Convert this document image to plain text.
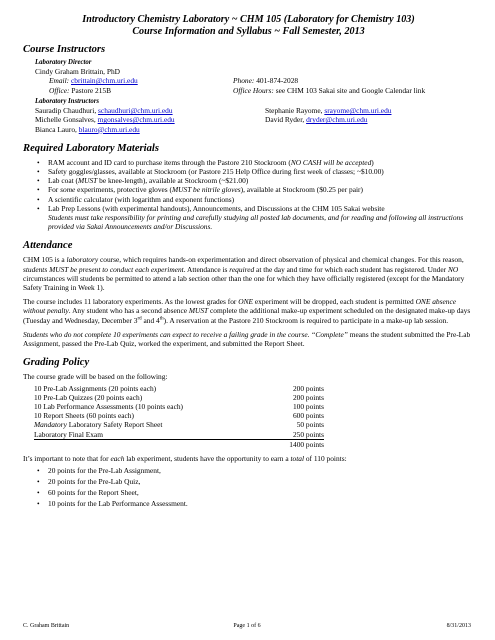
Introductory Chemistry Laboratory ~ CHM 105 (Laboratory for Chemistry 103)
Course Information and Syllabus ~ Fall Semester, 2013
Course Instructors
Laboratory Director
Cindy Graham Brittain, PhD
Email: cbrittain@chm.uri.edu	Phone: 401-874-2028
Office: Pastore 215B	Office Hours: see CHM 103 Sakai site and Google Calendar link
Laboratory Instructors
Sauradip Chaudhuri, schaudhuri@chm.uri.edu	Stephanie Rayome, srayome@chm.uri.edu
Michelle Gonsalves, mgonsalves@chm.uri.edu	David Ryder, dryder@chm.uri.edu
Bianca Lauro, blauro@chm.uri.edu
Required Laboratory Materials
• RAM account and ID card to purchase items through the Pastore 210 Stockroom (NO CASH will be accepted)
• Safety goggles/glasses, available at Stockroom (or Pastore 215 Help Office during first week of classes; ~$10.00)
• Lab coat (MUST be knee-length), available at Stockroom (~$21.00)
• For some experiments, protective gloves (MUST be nitrile gloves), available at Stockroom ($0.25 per pair)
• A scientific calculator (with logarithm and exponent functions)
• Lab Prep Lessons (with experimental handouts), Announcements, and Discussions at the CHM 105 Sakai website
Students must take responsibility for printing and carefully studying all posted lab documents, and for reading and following all instructions provided via Sakai Announcements and/or Discussions.
Attendance

CHM 105 is a laboratory course, which requires hands-on experimentation and direct observation of physical and chemical changes. For this reason, students MUST be present to conduct each experiment. Attendance is required at the day and time for which each student has registered. Under NO circumstances will students be permitted to attend a lab section other than the one for which they have officially registered (except for the Mandatory Safety Training in Week 1).

The course includes 11 laboratory experiments. As the lowest grades for ONE experiment will be dropped, each student is permitted ONE absence without penalty. Any student who has a second absence MUST complete the additional make-up experiment scheduled on the designated make-up days (Tuesday and Wednesday, December 3rd and 4th). A reservation at the Pastore 210 Stockroom is required to participate in a make-up lab session.

Students who do not complete 10 experiments can expect to receive a failing grade in the course. “Complete” means the student submitted the Pre-Lab Assignment, passed the Pre-Lab Quiz, worked the experiment, and submitted the Report Sheet.

Grading Policy
The course grade will be based on the following:
10 Pre-Lab Assignments (20 points each)	200 points
10 Pre-Lab Quizzes (20 points each)	200 points
10 Lab Performance Assessments (10 points each)	100 points
10 Report Sheets (60 points each)	600 points
Mandatory Laboratory Safety Report Sheet	50 points
Laboratory Final Exam	250 points
1400 points

It’s important to note that for each lab experiment, students have the opportunity to earn a total of 110 points:

• 20 points for the Pre-Lab Assignment,
• 20 points for the Pre-Lab Quiz,
• 60 points for the Report Sheet,
• 10 points for the Lab Performance Assessment.
C. Graham Brittain	Page 1 of 6	8/31/2013
